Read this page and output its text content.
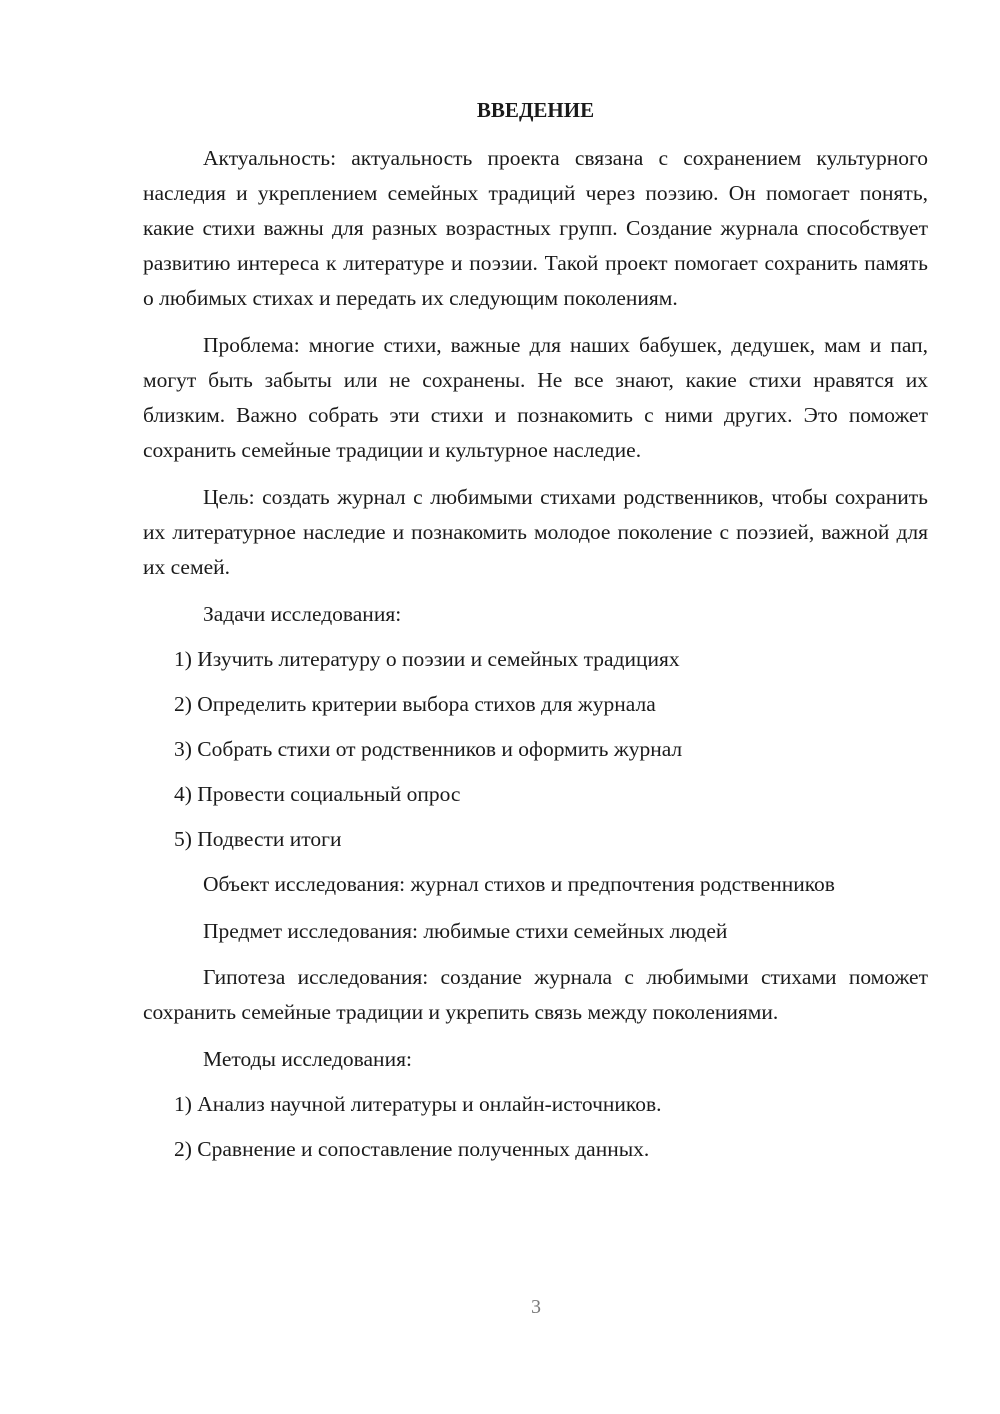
ВВЕДЕНИЕ

Актуальность: актуальность проекта связана с сохранением культурного наследия и укреплением семейных традиций через поэзию. Он помогает понять, какие стихи важны для разных возрастных групп. Создание журнала способствует развитию интереса к литературе и поэзии. Такой проект помогает сохранить память о любимых стихах и передать их следующим поколениям.

Проблема: многие стихи, важные для наших бабушек, дедушек, мам и пап, могут быть забыты или не сохранены. Не все знают, какие стихи нравятся их близким. Важно собрать эти стихи и познакомить с ними других. Это поможет сохранить семейные традиции и культурное наследие.

Цель: создать журнал с любимыми стихами родственников, чтобы сохранить их литературное наследие и познакомить молодое поколение с поэзией, важной для их семей.

Задачи исследования:

1) Изучить литературу о поэзии и семейных традициях

2) Определить критерии выбора стихов для журнала

3) Собрать стихи от родственников и оформить журнал

4) Провести социальный опрос

5) Подвести итоги

Объект исследования: журнал стихов и предпочтения родственников

Предмет исследования: любимые стихи семейных людей

Гипотеза исследования: создание журнала с любимыми стихами поможет сохранить семейные традиции и укрепить связь между поколениями.

Методы исследования:

1) Анализ научной литературы и онлайн-источников.

2) Сравнение и сопоставление полученных данных.

3
